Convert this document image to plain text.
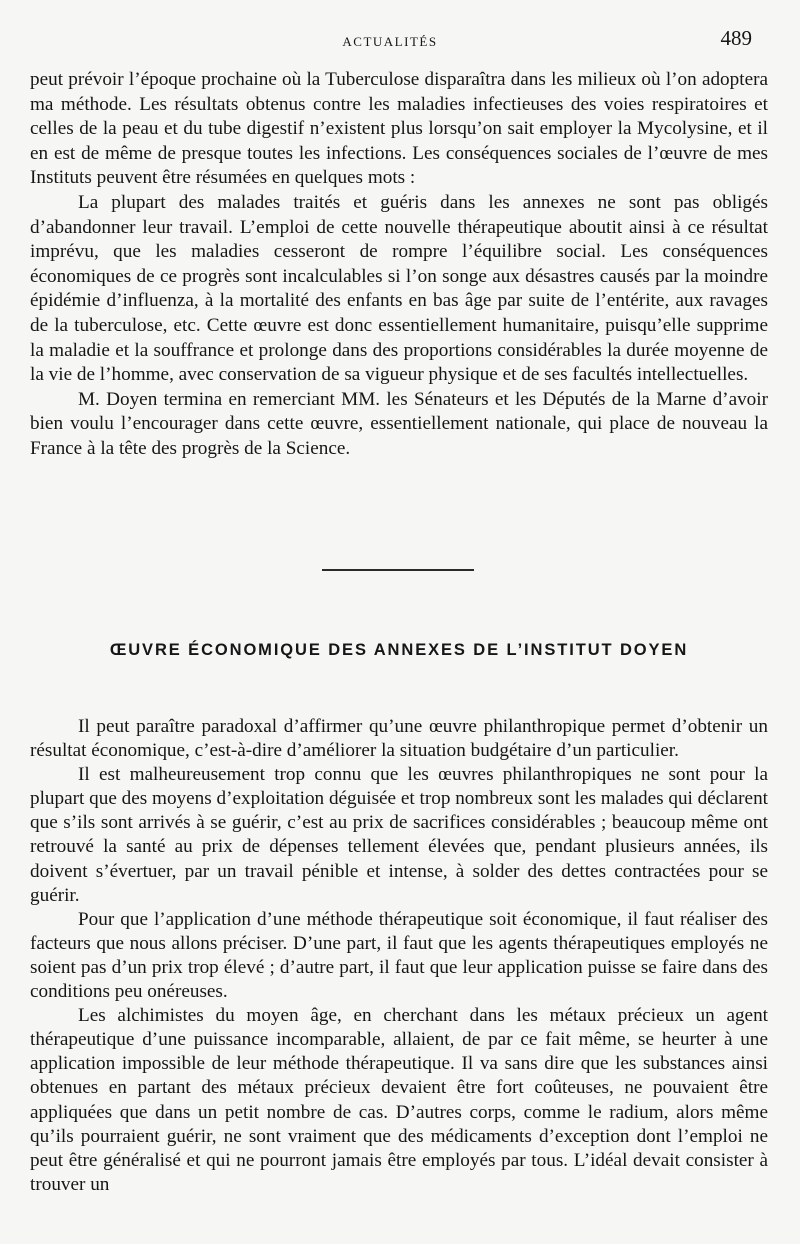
ACTUALITÉS	489

peut prévoir l’époque prochaine où la Tuberculose disparaîtra dans les milieux où l’on adoptera ma méthode. Les résultats obtenus contre les maladies infectieuses des voies respiratoires et celles de la peau et du tube digestif n’existent plus lorsqu’on sait employer la Mycolysine, et il en est de même de presque toutes les infections. Les conséquences sociales de l’œuvre de mes Instituts peuvent être résumées en quelques mots :

La plupart des malades traités et guéris dans les annexes ne sont pas obligés d’abandonner leur travail. L’emploi de cette nouvelle thérapeutique aboutit ainsi à ce résultat imprévu, que les maladies cesseront de rompre l’équilibre social. Les conséquences économiques de ce progrès sont incalculables si l’on songe aux désastres causés par la moindre épidémie d’influenza, à la mortalité des enfants en bas âge par suite de l’entérite, aux ravages de la tuberculose, etc. Cette œuvre est donc essentiellement humanitaire, puisqu’elle supprime la maladie et la souffrance et prolonge dans des proportions considérables la durée moyenne de la vie de l’homme, avec conservation de sa vigueur physique et de ses facultés intellectuelles.

M. Doyen termina en remerciant MM. les Sénateurs et les Députés de la Marne d’avoir bien voulu l’encourager dans cette œuvre, essentiellement nationale, qui place de nouveau la France à la tête des progrès de la Science.

ŒUVRE ÉCONOMIQUE DES ANNEXES DE L’INSTITUT DOYEN

Il peut paraître paradoxal d’affirmer qu’une œuvre philanthropique permet d’obtenir un résultat économique, c’est-à-dire d’améliorer la situation budgétaire d’un particulier.

Il est malheureusement trop connu que les œuvres philanthropiques ne sont pour la plupart que des moyens d’exploitation déguisée et trop nombreux sont les malades qui déclarent que s’ils sont arrivés à se guérir, c’est au prix de sacrifices considérables ; beaucoup même ont retrouvé la santé au prix de dépenses tellement élevées que, pendant plusieurs années, ils doivent s’évertuer, par un travail pénible et intense, à solder des dettes contractées pour se guérir.

Pour que l’application d’une méthode thérapeutique soit économique, il faut réaliser des facteurs que nous allons préciser. D’une part, il faut que les agents thérapeutiques employés ne soient pas d’un prix trop élevé ; d’autre part, il faut que leur application puisse se faire dans des conditions peu onéreuses.

Les alchimistes du moyen âge, en cherchant dans les métaux précieux un agent thérapeutique d’une puissance incomparable, allaient, de par ce fait même, se heurter à une application impossible de leur méthode thérapeutique. Il va sans dire que les substances ainsi obtenues en partant des métaux précieux devaient être fort coûteuses, ne pouvaient être appliquées que dans un petit nombre de cas. D’autres corps, comme le radium, alors même qu’ils pourraient guérir, ne sont vraiment que des médicaments d’exception dont l’emploi ne peut être généralisé et qui ne pourront jamais être employés par tous. L’idéal devait consister à trouver un
